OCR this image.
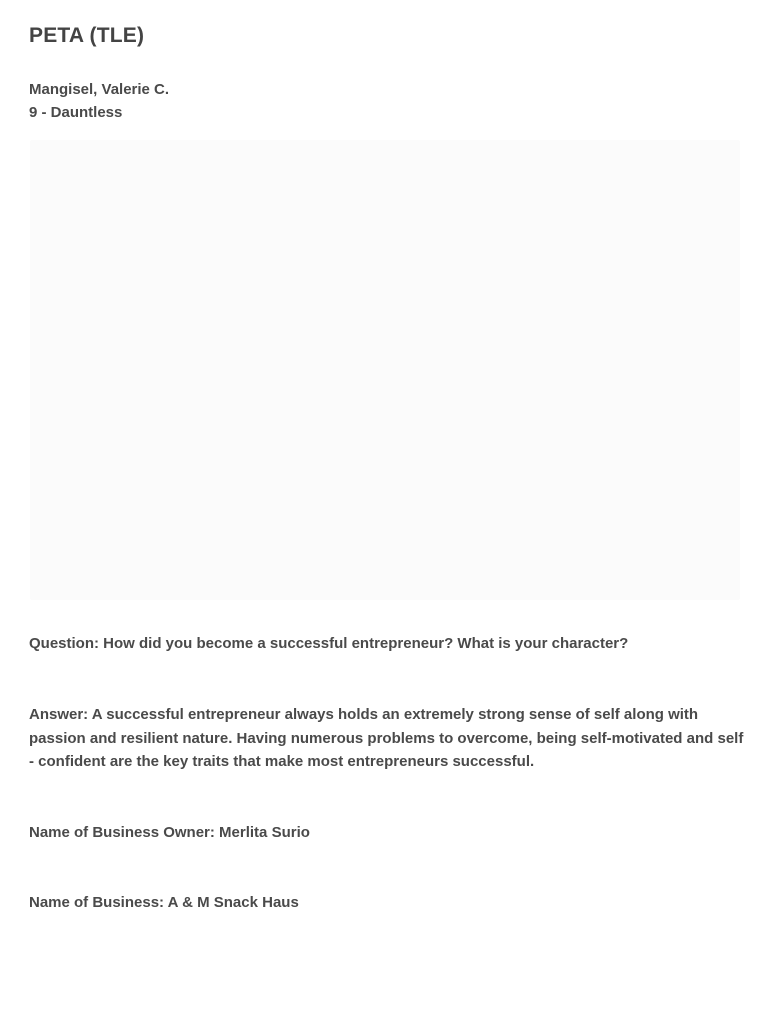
PETA (TLE)
Mangisel, Valerie C.
9 - Dauntless

Question: How did you become a successful entrepreneur? What is your character?

Answer: A successful entrepreneur always holds an extremely strong sense of self along with passion and resilient nature. Having numerous problems to overcome, being self-motivated and self - confident are the key traits that make most entrepreneurs successful.

Name of Business Owner: Merlita Surio

Name of Business: A & M Snack Haus
